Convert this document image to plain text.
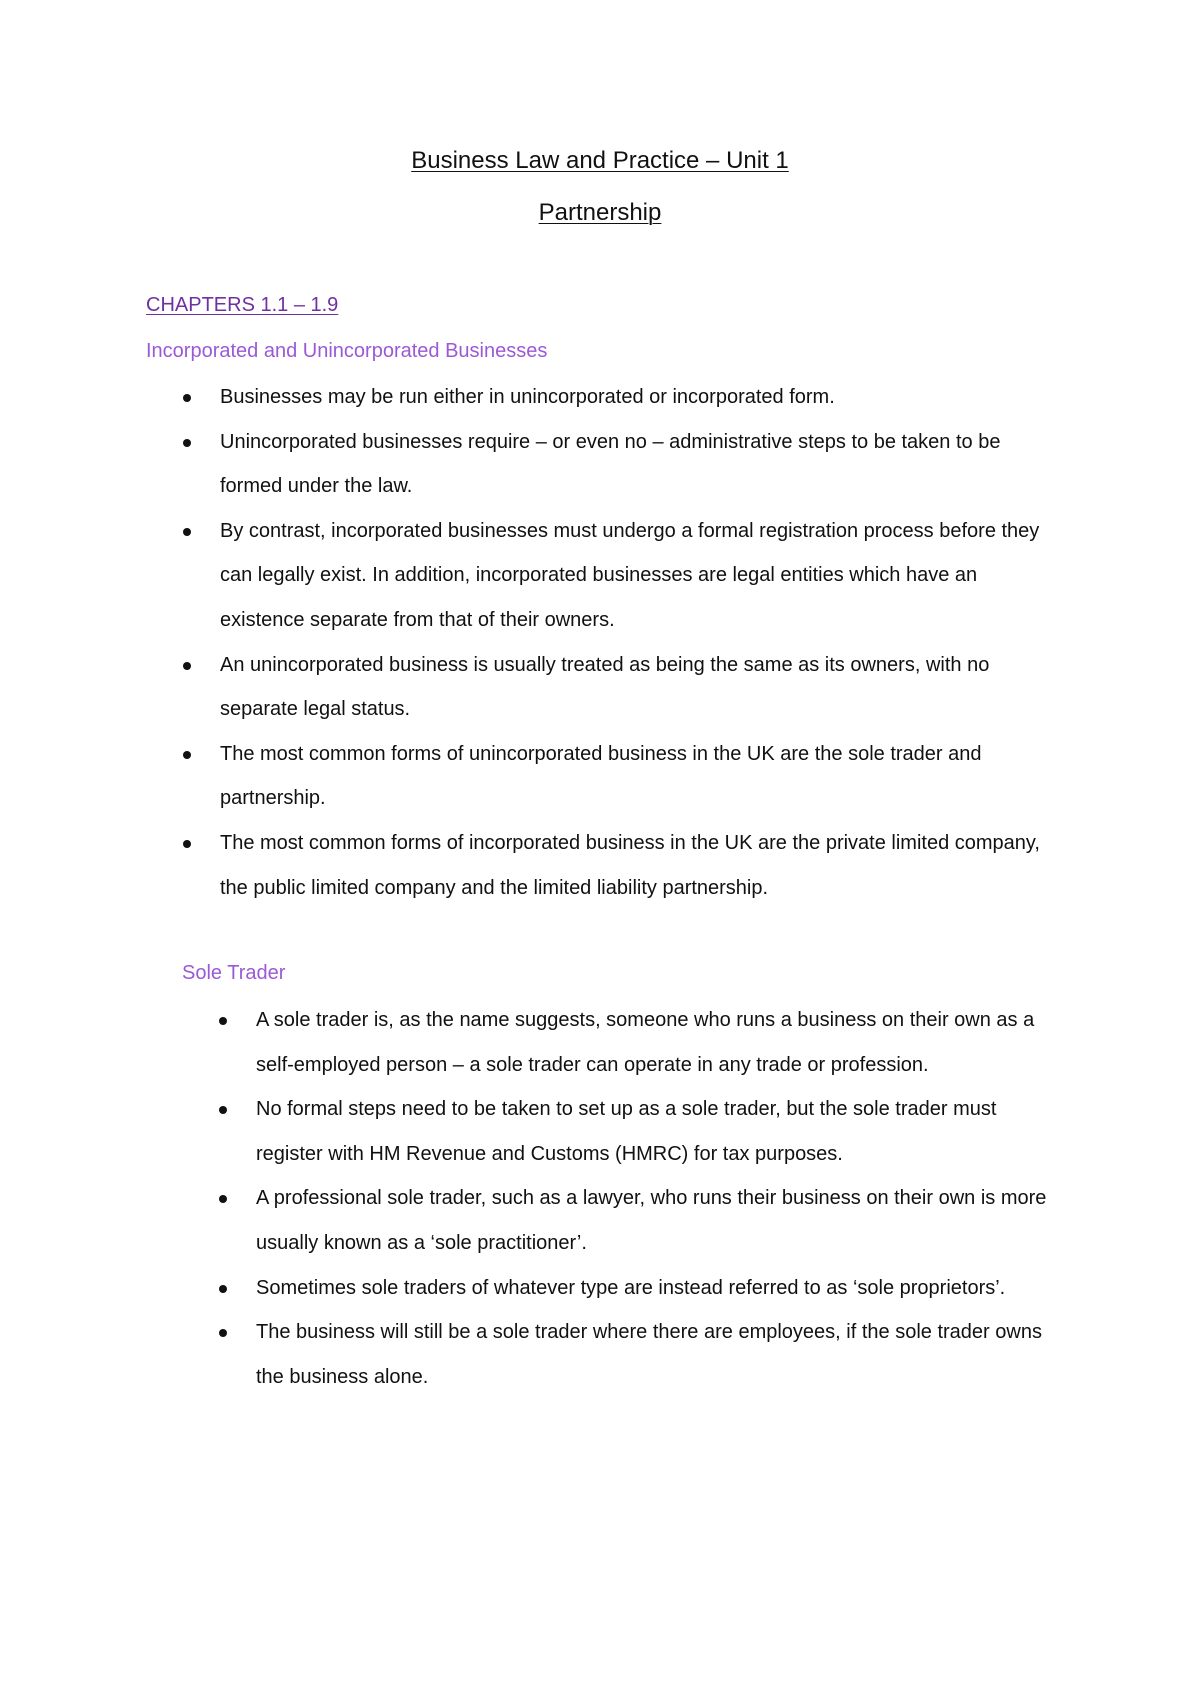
Business Law and Practice – Unit 1
Partnership
CHAPTERS 1.1 – 1.9
Incorporated and Unincorporated Businesses
Businesses may be run either in unincorporated or incorporated form.
Unincorporated businesses require – or even no – administrative steps to be taken to be formed under the law.
By contrast, incorporated businesses must undergo a formal registration process before they can legally exist. In addition, incorporated businesses are legal entities which have an existence separate from that of their owners.
An unincorporated business is usually treated as being the same as its owners, with no separate legal status.
The most common forms of unincorporated business in the UK are the sole trader and partnership.
The most common forms of incorporated business in the UK are the private limited company, the public limited company and the limited liability partnership.
Sole Trader
A sole trader is, as the name suggests, someone who runs a business on their own as a self-employed person – a sole trader can operate in any trade or profession.
No formal steps need to be taken to set up as a sole trader, but the sole trader must register with HM Revenue and Customs (HMRC) for tax purposes.
A professional sole trader, such as a lawyer, who runs their business on their own is more usually known as a ‘sole practitioner’.
Sometimes sole traders of whatever type are instead referred to as ‘sole proprietors’.
The business will still be a sole trader where there are employees, if the sole trader owns the business alone.
